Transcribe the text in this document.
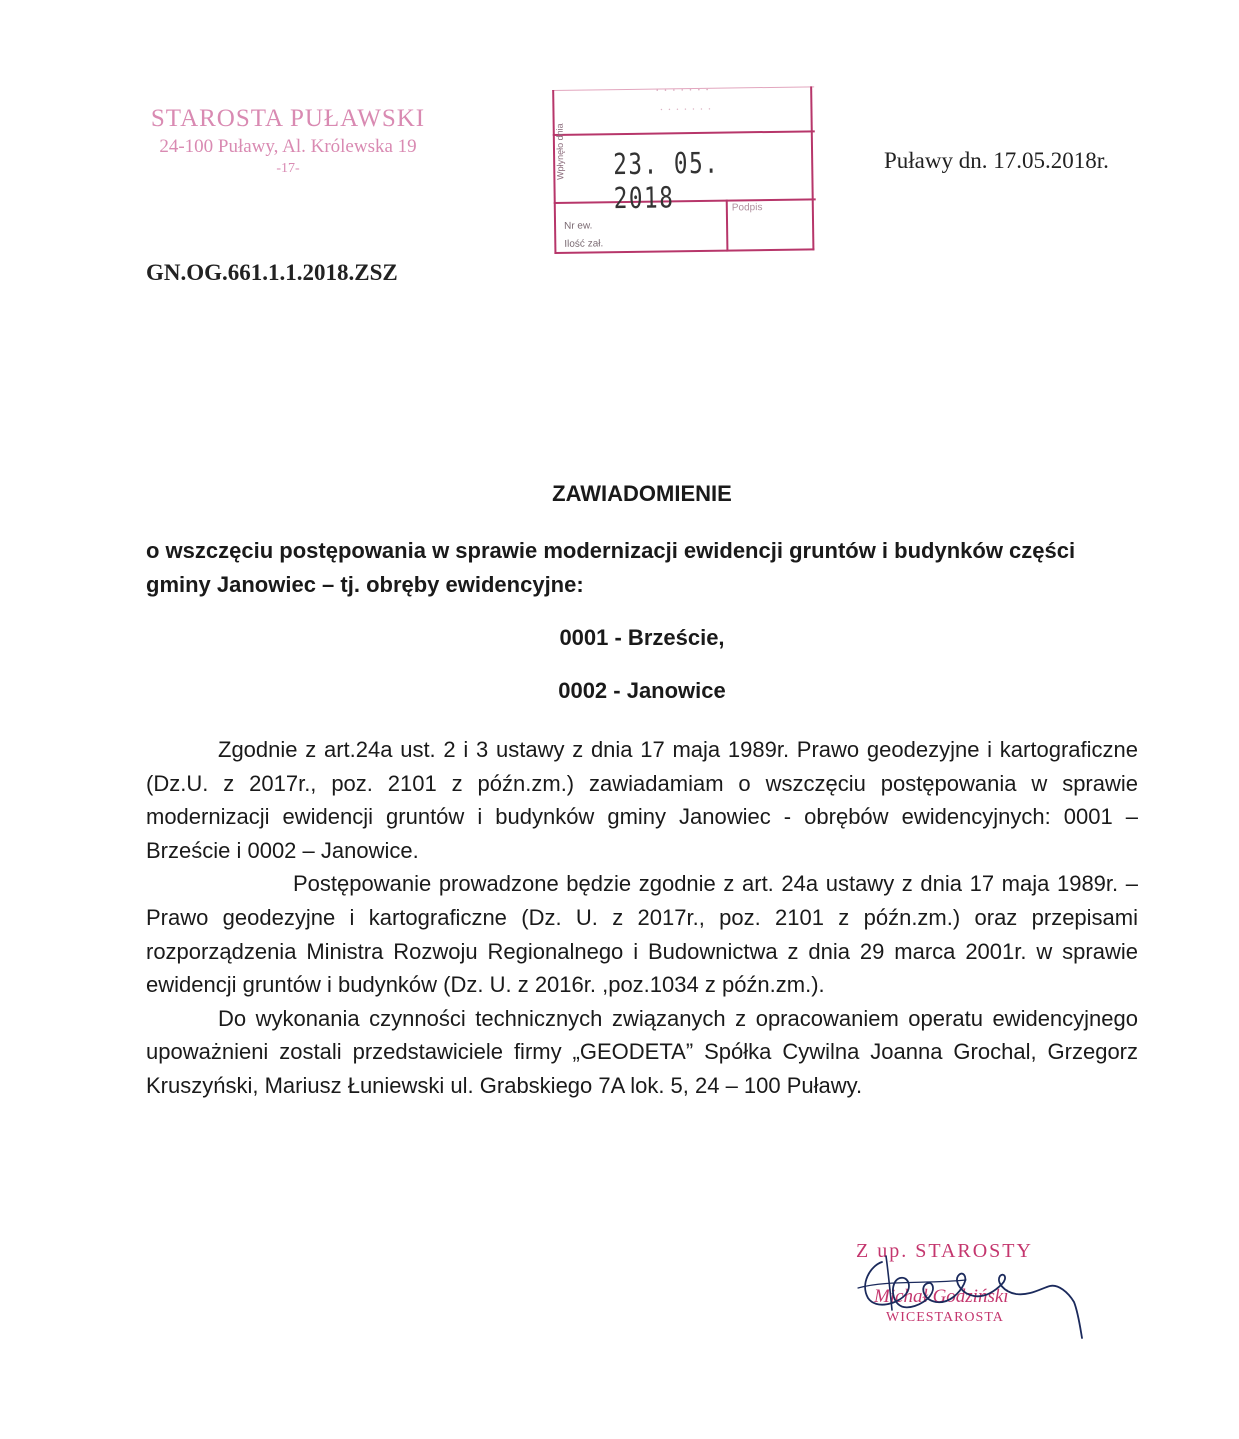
STAROSTA PUŁAWSKI
24-100 Puławy, Al. Królewska 19
-17-
·······
·······
Wpłynęło dnia 23. 05. 2018
Nr ew.
Ilość zał.
Podpis
Puławy dn. 17.05.2018r.
GN.OG.661.1.1.2018.ZSZ
ZAWIADOMIENIE
o wszczęciu postępowania w sprawie modernizacji ewidencji gruntów i budynków części gminy Janowiec – tj. obręby ewidencyjne:
0001 - Brzeście,
0002 - Janowice

Zgodnie z art.24a ust. 2 i 3 ustawy z dnia 17 maja 1989r. Prawo geodezyjne i kartograficzne (Dz.U. z 2017r., poz. 2101 z późn.zm.) zawiadamiam o wszczęciu postępowania w sprawie modernizacji ewidencji gruntów i budynków gminy Janowiec - obrębów ewidencyjnych: 0001 – Brzeście i 0002 – Janowice.

Postępowanie prowadzone będzie zgodnie z art. 24a ustawy z dnia 17 maja 1989r. – Prawo geodezyjne i kartograficzne (Dz. U. z 2017r., poz. 2101 z późn.zm.) oraz przepisami rozporządzenia Ministra Rozwoju Regionalnego i Budownictwa z dnia 29 marca 2001r. w sprawie ewidencji gruntów i budynków (Dz. U. z 2016r. ,poz.1034 z późn.zm.).

Do wykonania czynności technicznych związanych z opracowaniem operatu ewidencyjnego upoważnieni zostali przedstawiciele firmy „GEODETA” Spółka Cywilna Joanna Grochal, Grzegorz Kruszyński, Mariusz Łuniewski ul. Grabskiego 7A lok. 5, 24 – 100 Puławy.

Z up. STAROSTY
Michał Godziński
WICESTAROSTA
